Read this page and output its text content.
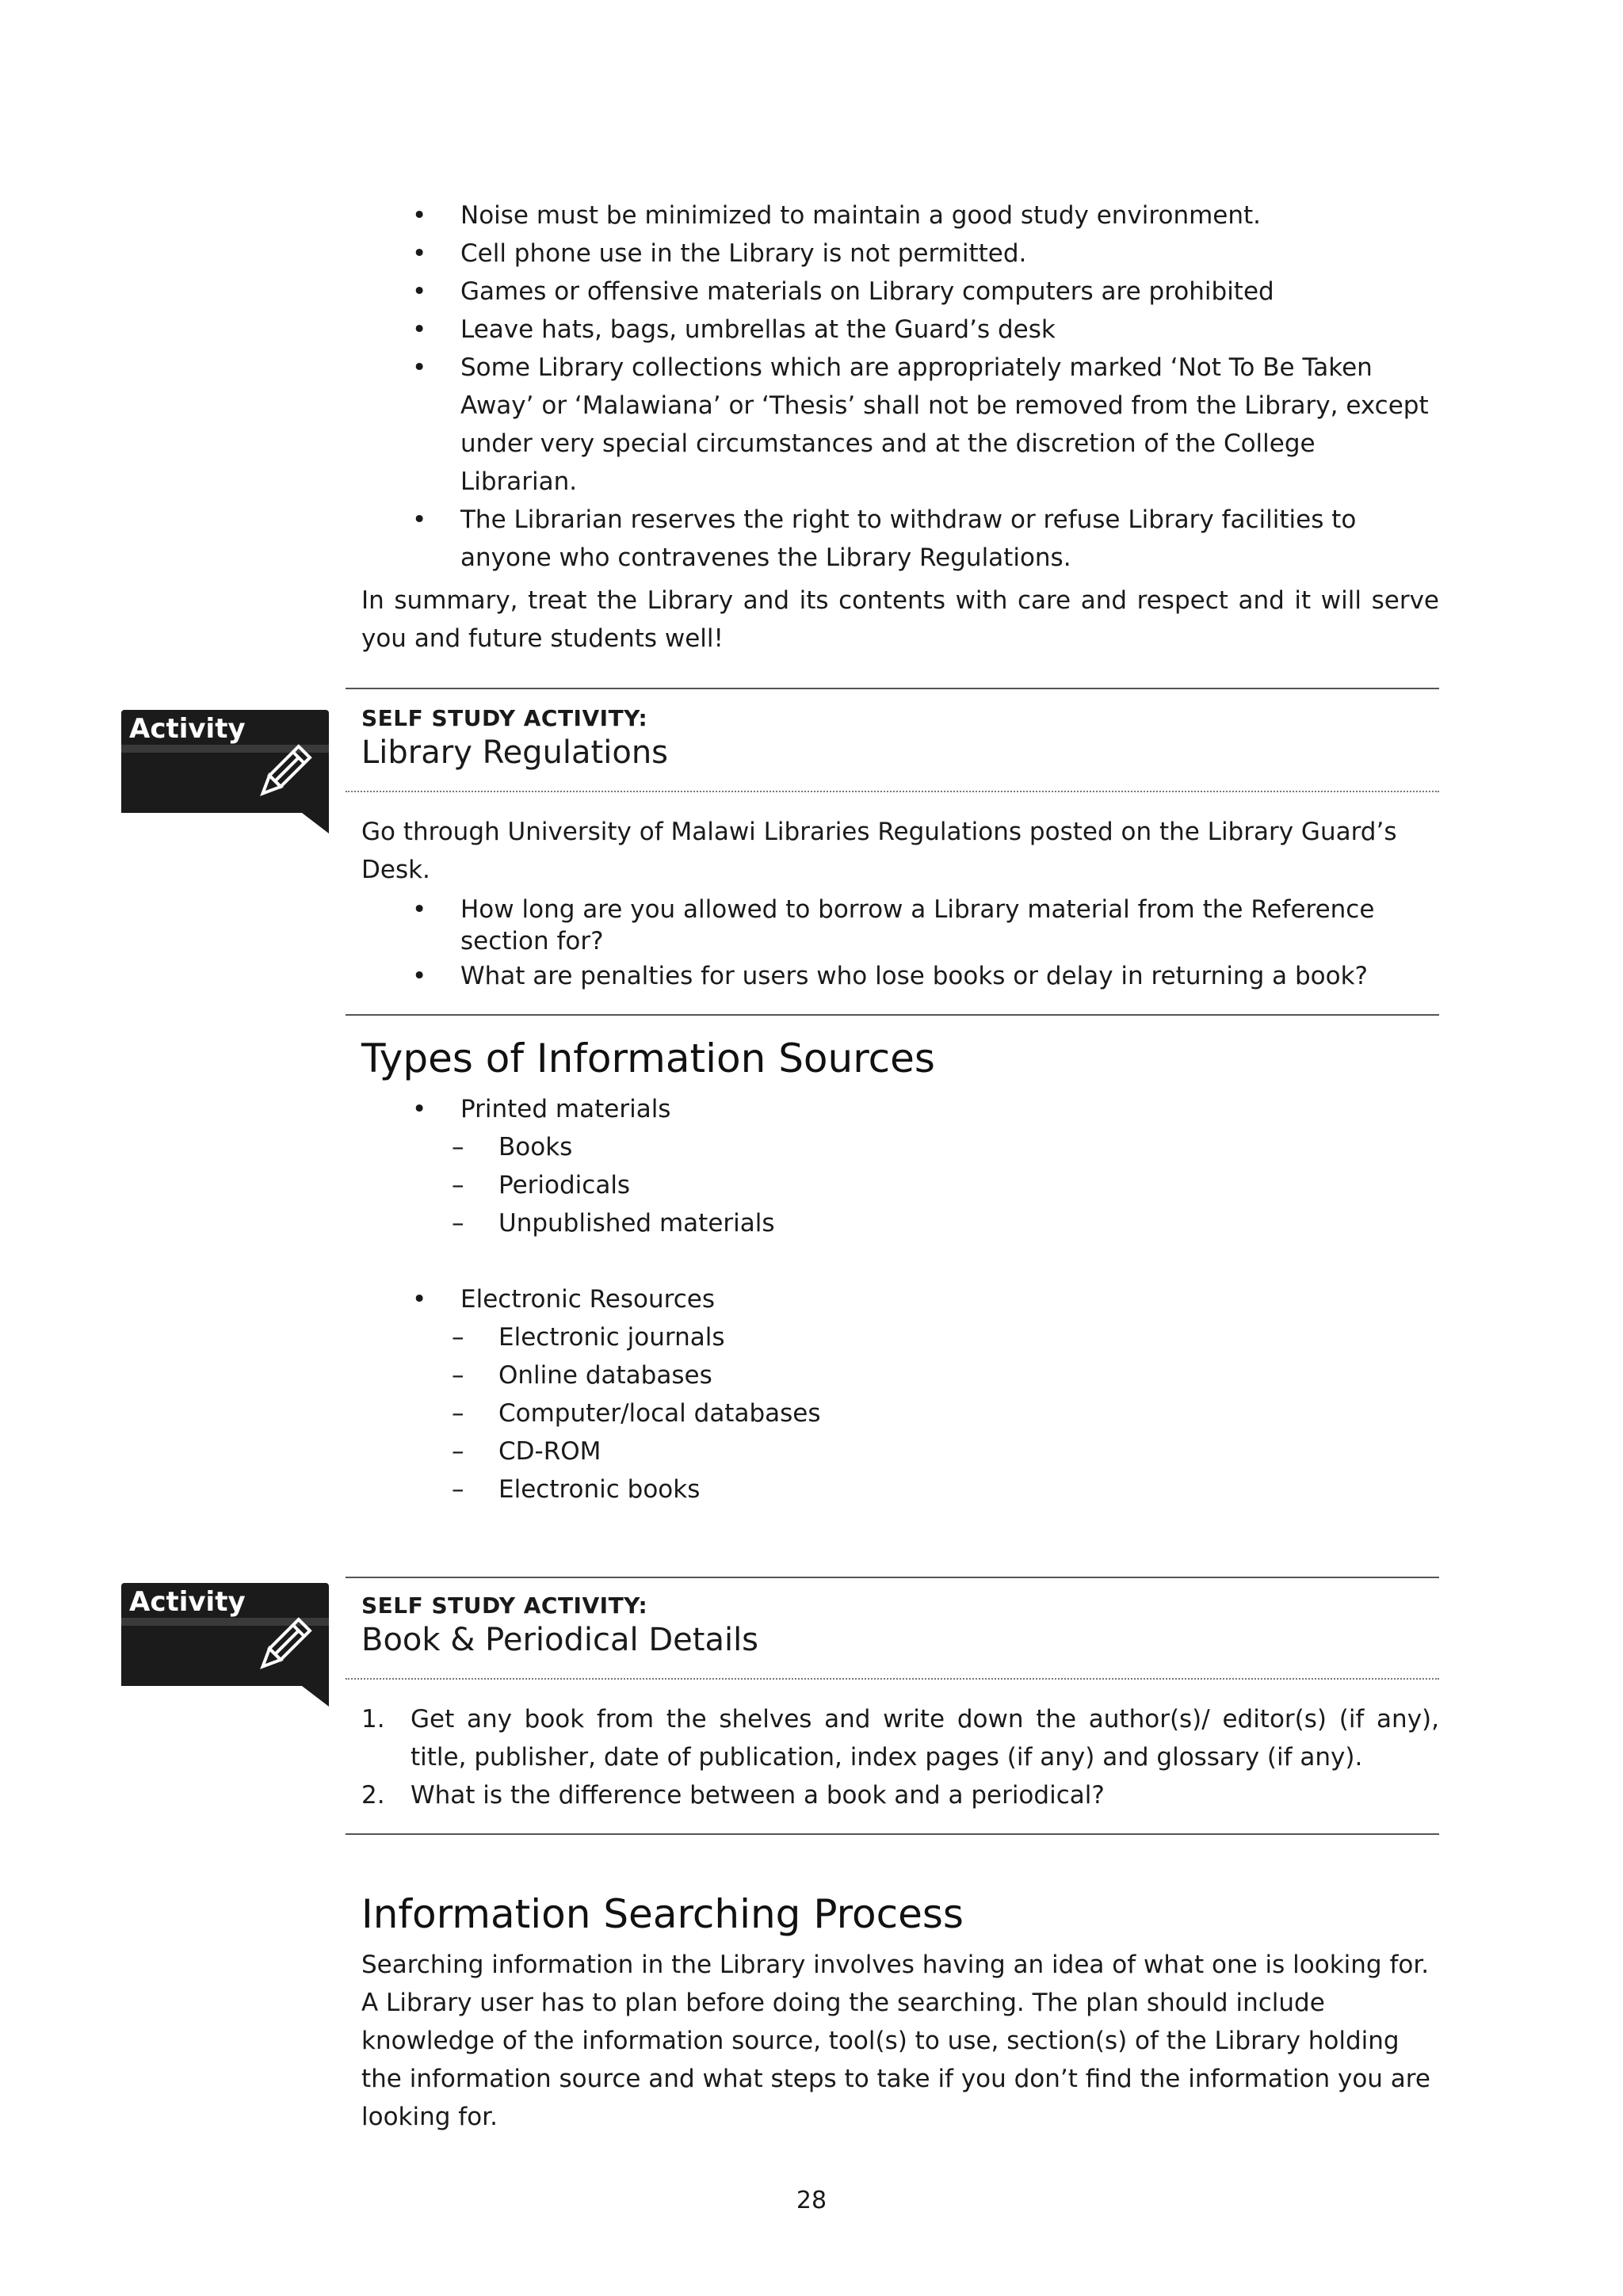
• Noise must be minimized to maintain a good study environment.
• Cell phone use in the Library is not permitted.
• Games or offensive materials on Library computers are prohibited
• Leave hats, bags, umbrellas at the Guard’s desk
• Some Library collections which are appropriately marked ‘Not To Be Taken Away’ or ‘Malawiana’ or ‘Thesis’ shall not be removed from the Library, except under very special circumstances and at the discretion of the College Librarian.
• The Librarian reserves the right to withdraw or refuse Library facilities to anyone who contravenes the Library Regulations.

In summary, treat the Library and its contents with care and respect and it will serve you and future students well!

Activity	SELF STUDY ACTIVITY:
Library Regulations

Go through University of Malawi Libraries Regulations posted on the Library Guard’s Desk.

• How long are you allowed to borrow a Library material from the Reference section for?
• What are penalties for users who lose books or delay in returning a book?
Types of Information Sources
• Printed materials
– Books
– Periodicals
– Unpublished materials
• Electronic Resources
– Electronic journals
– Online databases
– Computer/local databases
– CD-ROM
– Electronic books
Activity	SELF STUDY ACTIVITY:
Book & Periodical Details
1. Get any book from the shelves and write down the author(s)/ editor(s) (if any), title, publisher, date of publication, index pages (if any) and glossary (if any).
2. What is the difference between a book and a periodical?
Information Searching Process

Searching information in the Library involves having an idea of what one is looking for. A Library user has to plan before doing the searching. The plan should include knowledge of the information source, tool(s) to use, section(s) of the Library holding the information source and what steps to take if you don’t find the information you are looking for.

28
